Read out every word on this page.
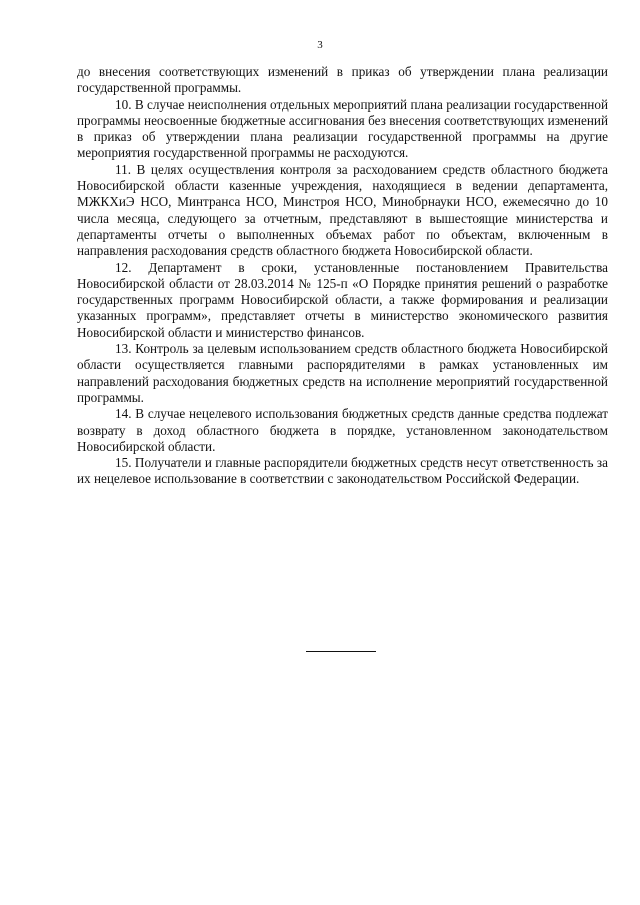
3

до внесения соответствующих изменений в приказ об утверждении плана реализации государственной программы.

10. В случае неисполнения отдельных мероприятий плана реализации государственной программы неосвоенные бюджетные ассигнования без внесения соответствующих изменений в приказ об утверждении плана реализации государственной программы на другие мероприятия государственной программы не расходуются.

11. В целях осуществления контроля за расходованием средств областного бюджета Новосибирской области казенные учреждения, находящиеся в ведении департамента, МЖКХиЭ НСО, Минтранса НСО, Минстроя НСО, Минобрнауки НСО, ежемесячно до 10 числа месяца, следующего за отчетным, представляют в вышестоящие министерства и департаменты отчеты о выполненных объемах работ по объектам, включенным в направления расходования средств областного бюджета Новосибирской области.

12. Департамент в сроки, установленные постановлением Правительства Новосибирской области от 28.03.2014 № 125-п «О Порядке принятия решений о разработке государственных программ Новосибирской области, а также формирования и реализации указанных программ», представляет отчеты в министерство экономического развития Новосибирской области и министерство финансов.

13. Контроль за целевым использованием средств областного бюджета Новосибирской области осуществляется главными распорядителями в рамках установленных им направлений расходования бюджетных средств на исполнение мероприятий государственной программы.

14. В случае нецелевого использования бюджетных средств данные средства подлежат возврату в доход областного бюджета в порядке, установленном законодательством Новосибирской области.

15. Получатели и главные распорядители бюджетных средств несут ответственность за их нецелевое использование в соответствии с законодательством Российской Федерации.
